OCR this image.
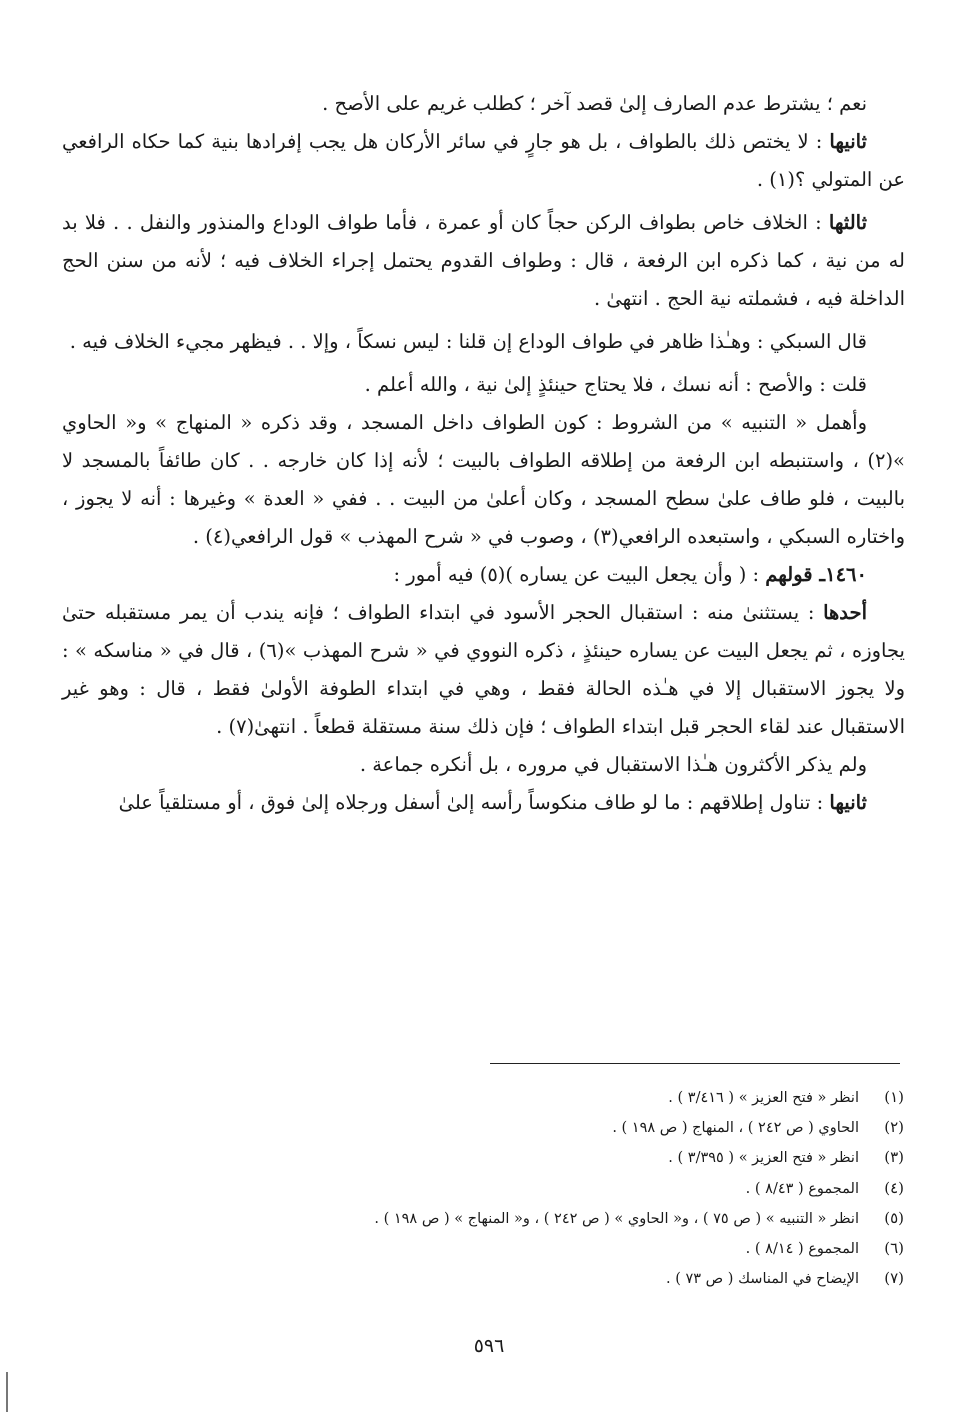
نعم ؛ يشترط عدم الصارف إلىٰ قصد آخر ؛ كطلب غريم على الأصح .

ثانيها : لا يختص ذلك بالطواف ، بل هو جارٍ في سائر الأركان هل يجب إفرادها بنية كما حكاه الرافعي عن المتولي ؟(١) .

ثالثها : الخلاف خاص بطواف الركن حجاً كان أو عمرة ، فأما طواف الوداع والمنذور والنفل . . فلا بد له من نية ، كما ذكره ابن الرفعة ، قال : وطواف القدوم يحتمل إجراء الخلاف فيه ؛ لأنه من سنن الحج الداخلة فيه ، فشملته نية الحج . انتهىٰ .

قال السبكي : وهـٰذا ظاهر في طواف الوداع إن قلنا : ليس نسكاً ، وإلا . . فيظهر مجيء الخلاف فيه .

قلت : والأصح : أنه نسك ، فلا يحتاج حينئذٍ إلىٰ نية ، والله أعلم .

وأهمل « التنبيه » من الشروط : كون الطواف داخل المسجد ، وقد ذكره « المنهاج » و« الحاوي »(٢) ، واستنبطه ابن الرفعة من إطلاقه الطواف بالبيت ؛ لأنه إذا كان خارجه . . كان طائفاً بالمسجد لا بالبيت ، فلو طاف علىٰ سطح المسجد ، وكان أعلىٰ من البيت . . ففي « العدة » وغيرها : أنه لا يجوز ، واختاره السبكي ، واستبعده الرافعي(٣) ، وصوب في « شرح المهذب » قول الرافعي(٤) .

١٤٦٠ـ قولهم : ( وأن يجعل البيت عن يساره )(٥) فيه أمور :

أحدها : يستثنىٰ منه : استقبال الحجر الأسود في ابتداء الطواف ؛ فإنه يندب أن يمر مستقبله حتىٰ يجاوزه ، ثم يجعل البيت عن يساره حينئذٍ ، ذكره النووي في « شرح المهذب »(٦) ، قال في « مناسكه » : ولا يجوز الاستقبال إلا في هـٰذه الحالة فقط ، وهي في ابتداء الطوفة الأولىٰ فقط ، قال : وهو غير الاستقبال عند لقاء الحجر قبل ابتداء الطواف ؛ فإن ذلك سنة مستقلة قطعاً . انتهىٰ(٧) .

ولم يذكر الأكثرون هـٰذا الاستقبال في مروره ، بل أنكره جماعة .

ثانيها : تناول إطلاقهم : ما لو طاف منكوساً رأسه إلىٰ أسفل ورجلاه إلىٰ فوق ، أو مستلقياً علىٰ

(١)
انظر « فتح العزيز » ( ٣/٤١٦ ) .
(٢)
الحاوي ( ص ٢٤٢ ) ، المنهاج ( ص ١٩٨ ) .
(٣)
انظر « فتح العزيز » ( ٣/٣٩٥ ) .
(٤)
المجموع ( ٨/٤٣ ) .
(٥)
انظر « التنبيه » ( ص ٧٥ ) ، و« الحاوي » ( ص ٢٤٢ ) ، و« المنهاج » ( ص ١٩٨ ) .
(٦)
المجموع ( ٨/١٤ ) .
(٧)
الإيضاح في المناسك ( ص ٧٣ ) .
٥٩٦
